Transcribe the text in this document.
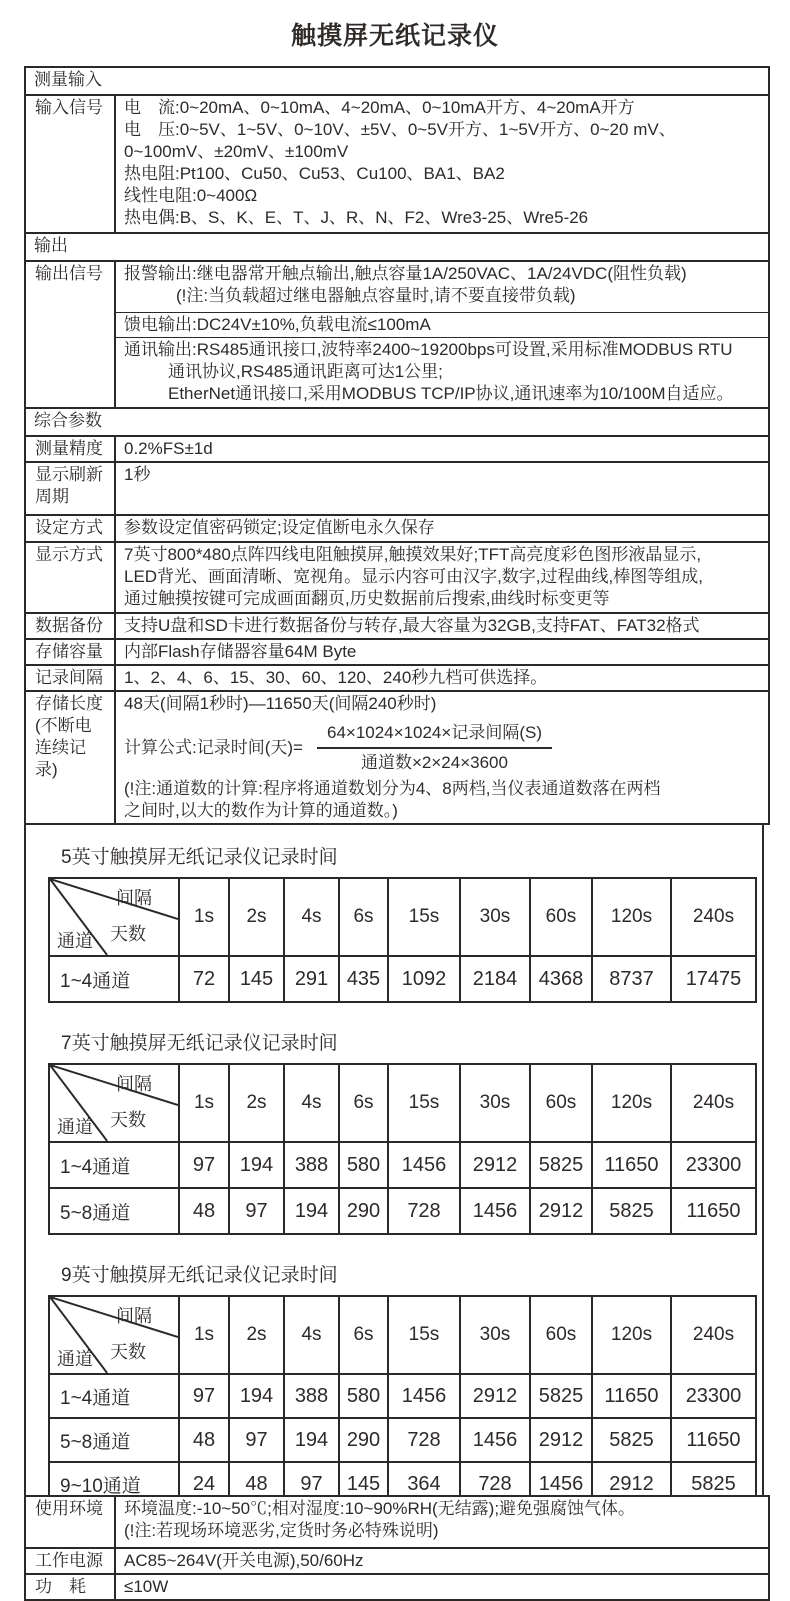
触摸屏无纸记录仪
测量输入	
输入信号	电　流:0~20mA、0~10mA、4~20mA、0~10mA开方、4~20mA开方
电　压:0~5V、1~5V、0~10V、±5V、0~5V开方、1~5V开方、0~20 mV、
0~100mV、±20mV、±100mV
热电阻:Pt100、Cu50、Cu53、Cu100、BA1、BA2
线性电阻:0~400Ω
热电偶:B、S、K、E、T、J、R、N、F2、Wre3-25、Wre5-26

输出	
输出信号	报警输出:继电器常开触点输出,触点容量1A/250VAC、1A/24VDC(阻性负载)
(!注:当负载超过继电器触点容量时,请不要直接带负载)

	馈电输出:DC24V±10%,负载电流≤100mA

	通讯输出:RS485通讯接口,波特率2400~19200bps可设置,采用标准MODBUS RTU
通讯协议,RS485通讯距离可达1公里;
EtherNet通讯接口,采用MODBUS TCP/IP协议,通讯速率为10/100M自适应。

综合参数	
测量精度	0.2%FS±1d

显示刷新
周期	1秒
设定方式	参数设定值密码锁定;设定值断电永久保存
显示方式	7英寸800*480点阵四线电阻触摸屏,触摸效果好;TFT高亮度彩色图形液晶显示,
LED背光、画面清晰、宽视角。显示内容可由汉字,数字,过程曲线,棒图等组成,
通过触摸按键可完成画面翻页,历史数据前后搜索,曲线时标变更等

数据备份	支持U盘和SD卡进行数据备份与转存,最大容量为32GB,支持FAT、FAT32格式
存储容量	内部Flash存储器容量64M Byte
记录间隔	1、2、4、6、15、30、60、120、240秒九档可供选择。

存储长度
(不断电
连续记录)

48天(间隔1秒时)—11650天(间隔240秒时)
计算公式:记录时间(天)= $\frac{\text{64×1024×1024×记录间隔(S)}}{\text{通道数×2×24×3600}}$
(!注:通道数的计算:程序将通道数划分为4、8两档,当仪表通道数落在两档
之间时,以大的数作为计算的通道数。)
5英寸触摸屏无纸记录仪记录时间
间隔
天数
通道	1s	2s	4s	6s	15s	30s	60s	120s	240s
1~4通道	72	145	291	435	1092	2184	4368	8737	17475
7英寸触摸屏无纸记录仪记录时间
间隔
天数
通道	1s	2s	4s	6s	15s	30s	60s	120s	240s
1~4通道	97	194	388	580	1456	2912	5825	11650	23300
5~8通道	48	97	194	290	728	1456	2912	5825	11650
9英寸触摸屏无纸记录仪记录时间
间隔
天数
通道	1s	2s	4s	6s	15s	30s	60s	120s	240s
1~4通道	97	194	388	580	1456	2912	5825	11650	23300
5~8通道	48	97	194	290	728	1456	2912	5825	11650
9~10通道	24	48	97	145	364	728	1456	2912	5825
使用环境	环境温度:-10~50℃;相对湿度:10~90%RH(无结露);避免强腐蚀气体。
(!注:若现场环境恶劣,定货时务必特殊说明)

工作电源	AC85~264V(开关电源),50/60Hz
功　耗	≤10W
